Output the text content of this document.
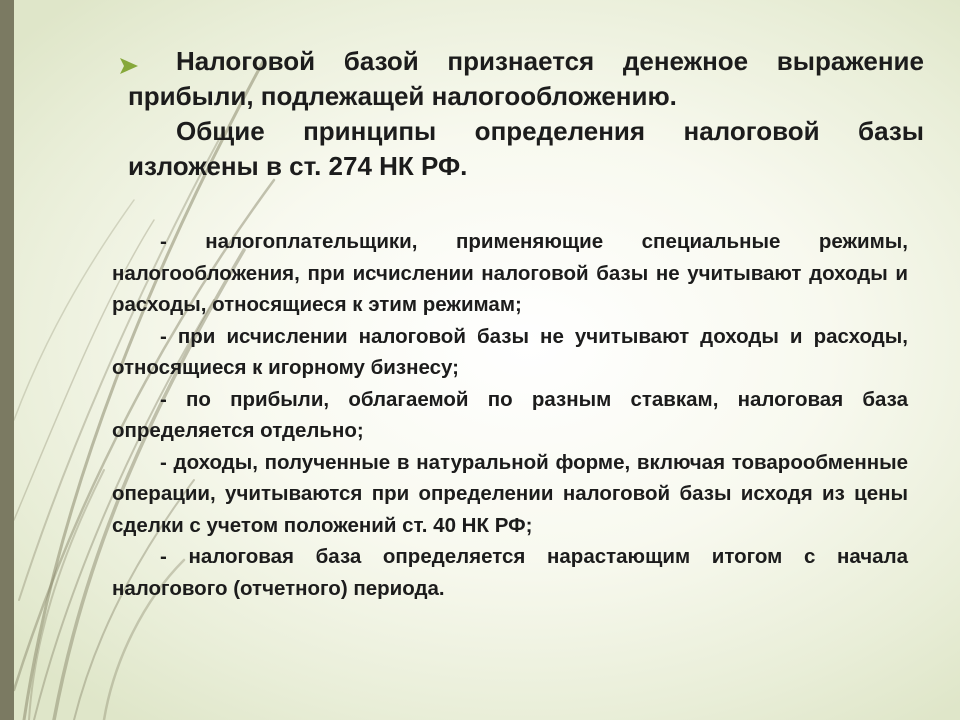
Налоговой базой признается денежное выражение прибыли, подлежащей налогообложению.

Общие принципы определения налоговой базы изложены в ст. 274 НК РФ.

- налогоплательщики, применяющие специальные режимы, налогообложения, при исчислении налоговой базы не учитывают доходы и расходы, относящиеся к этим режимам;

- при исчислении налоговой базы не учитывают доходы и расходы, относящиеся к игорному бизнесу;

- по прибыли, облагаемой по разным ставкам, налоговая база определяется отдельно;

- доходы, полученные в натуральной форме, включая товарообменные операции, учитываются при определении налоговой базы исходя из цены сделки с учетом положений ст. 40 НК РФ;

- налоговая база определяется нарастающим итогом с начала налогового (отчетного) периода.
